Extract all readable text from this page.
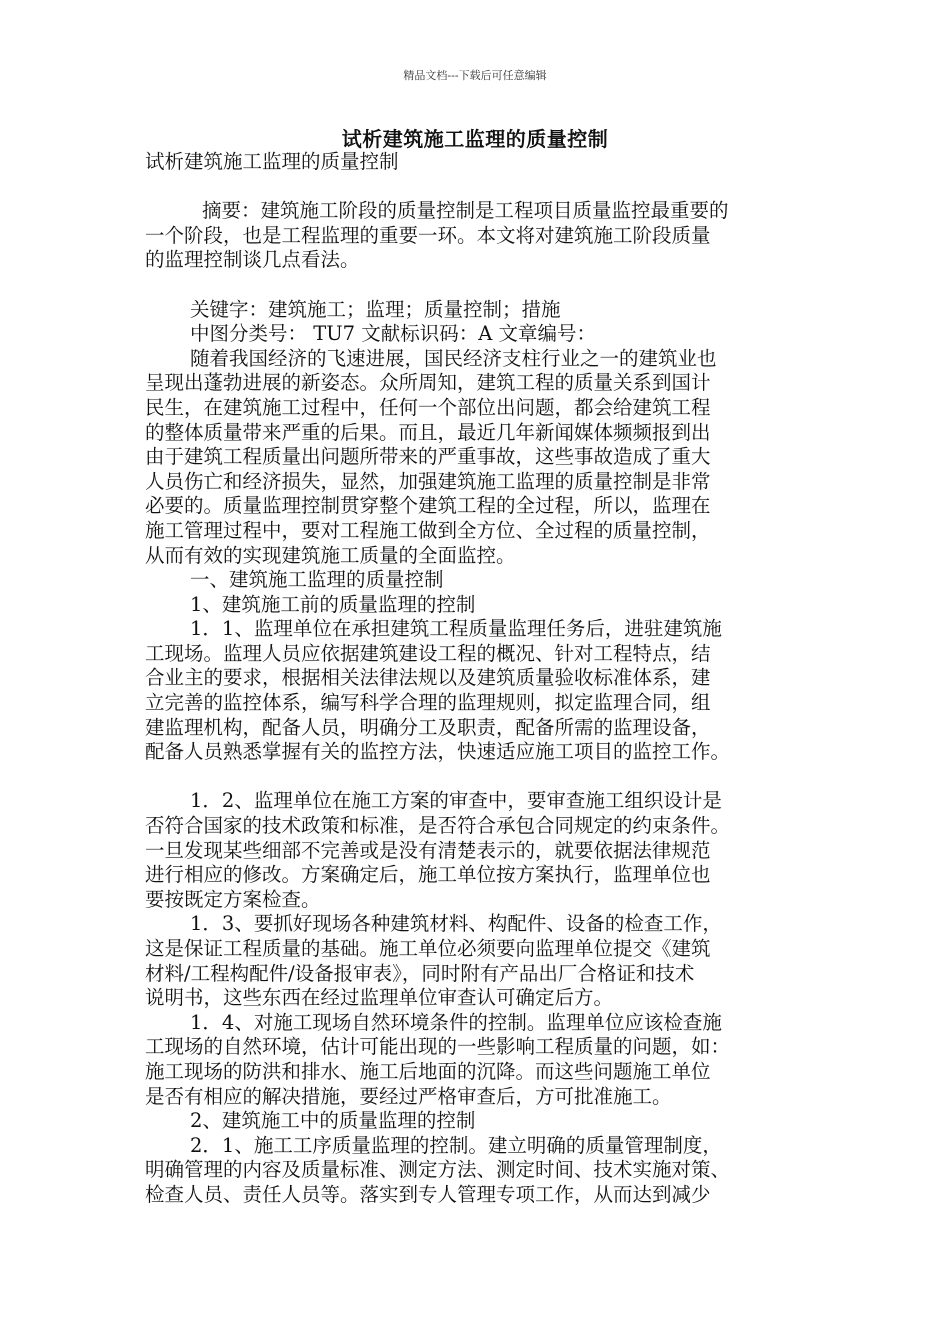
精品文档---下载后可任意编辑
试析建筑施工监理的质量控制
试析建筑施工监理的质量控制
摘要：建筑施工阶段的质量控制是工程项目质量监控最重要的
一个阶段，也是工程监理的重要一环。本文将对建筑施工阶段质量
的监理控制谈几点看法。
关键字：建筑施工；监理；质量控制；措施
中图分类号： TU7 文献标识码：A 文章编号：
随着我国经济的飞速进展，国民经济支柱行业之一的建筑业也
呈现出蓬勃进展的新姿态。众所周知，建筑工程的质量关系到国计
民生，在建筑施工过程中，任何一个部位出问题，都会给建筑工程
的整体质量带来严重的后果。而且，最近几年新闻媒体频频报到出
由于建筑工程质量出问题所带来的严重事故，这些事故造成了重大
人员伤亡和经济损失，显然，加强建筑施工监理的质量控制是非常
必要的。质量监理控制贯穿整个建筑工程的全过程，所以，监理在
施工管理过程中，要对工程施工做到全方位、全过程的质量控制，
从而有效的实现建筑施工质量的全面监控。
一、建筑施工监理的质量控制
1、建筑施工前的质量监理的控制
1．1、监理单位在承担建筑工程质量监理任务后，进驻建筑施
工现场。监理人员应依据建筑建设工程的概况、针对工程特点，结
合业主的要求，根据相关法律法规以及建筑质量验收标准体系，建
立完善的监控体系，编写科学合理的监理规则，拟定监理合同，组
建监理机构，配备人员，明确分工及职责，配备所需的监理设备，
配备人员熟悉掌握有关的监控方法，快速适应施工项目的监控工作。
1．2、监理单位在施工方案的审查中，要审查施工组织设计是
否符合国家的技术政策和标准，是否符合承包合同规定的约束条件。
一旦发现某些细部不完善或是没有清楚表示的，就要依据法律规范
进行相应的修改。方案确定后，施工单位按方案执行，监理单位也
要按既定方案检查。
1．3、要抓好现场各种建筑材料、构配件、设备的检查工作，
这是保证工程质量的基础。施工单位必须要向监理单位提交《建筑
材料/工程构配件/设备报审表》，同时附有产品出厂合格证和技术
说明书，这些东西在经过监理单位审查认可确定后方。
1．4、对施工现场自然环境条件的控制。监理单位应该检查施
工现场的自然环境，估计可能出现的一些影响工程质量的问题，如：
施工现场的防洪和排水、施工后地面的沉降。而这些问题施工单位
是否有相应的解决措施，要经过严格审查后，方可批准施工。
2、建筑施工中的质量监理的控制
2．1、施工工序质量监理的控制。建立明确的质量管理制度，
明确管理的内容及质量标准、测定方法、测定时间、技术实施对策、
检查人员、责任人员等。落实到专人管理专项工作，从而达到减少
